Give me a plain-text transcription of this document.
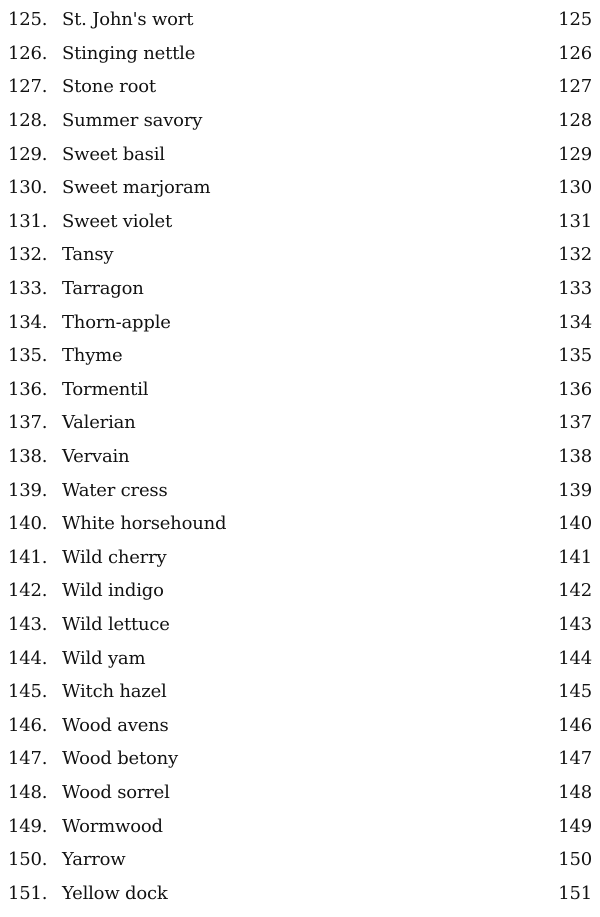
125. St. John's wort	125
126. Stinging nettle	126
127. Stone root	127
128. Summer savory	128
129. Sweet basil	129
130. Sweet marjoram	130
131. Sweet violet	131
132. Tansy	132
133. Tarragon	133
134. Thorn-apple	134
135. Thyme	135
136. Tormentil	136
137. Valerian	137
138. Vervain	138
139. Water cress	139
140. White horsehound	140
141. Wild cherry	141
142. Wild indigo	142
143. Wild lettuce	143
144. Wild yam	144
145. Witch hazel	145
146. Wood avens	146
147. Wood betony	147
148. Wood sorrel	148
149. Wormwood	149
150. Yarrow	150
151. Yellow dock	151
